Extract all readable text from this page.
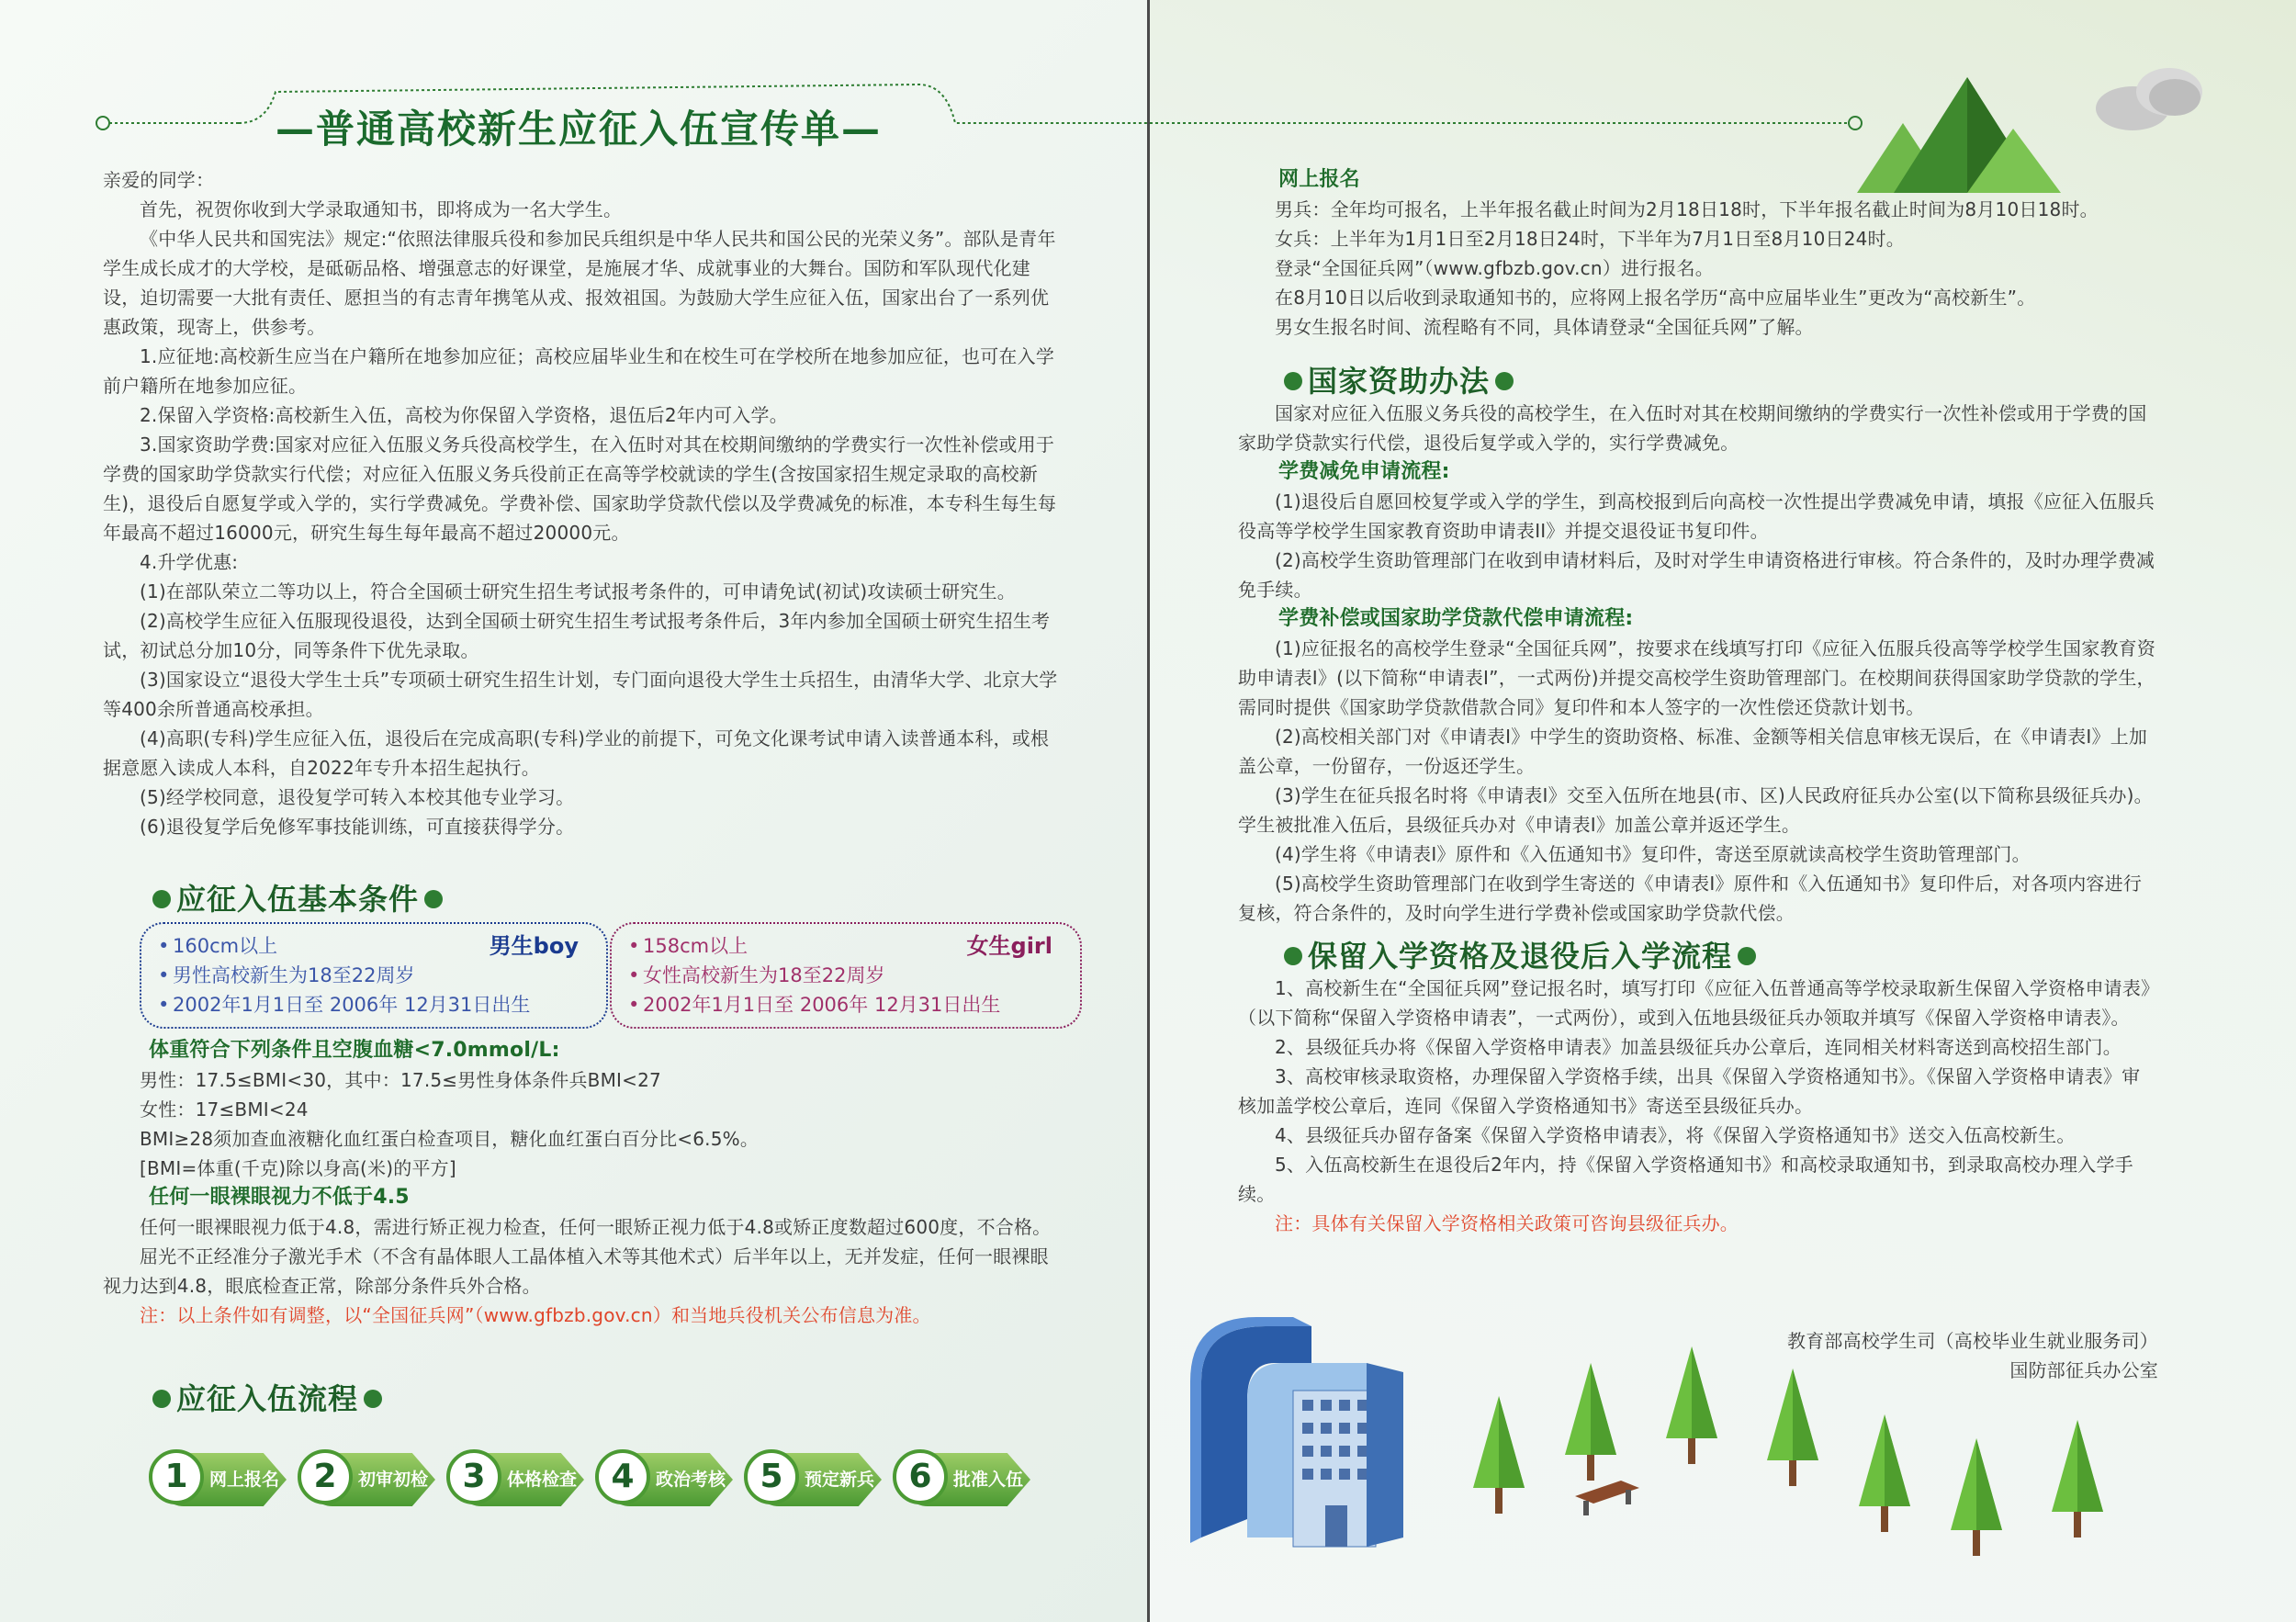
—普通高校新生应征入伍宣传单—

亲爱的同学：

首先，祝贺你收到大学录取通知书，即将成为一名大学生。

《中华人民共和国宪法》规定:“依照法律服兵役和参加民兵组织是中华人民共和国公民的光荣义务”。部队是青年学生成长成才的大学校，是砥砺品格、增强意志的好课堂，是施展才华、成就事业的大舞台。国防和军队现代化建设，迫切需要一大批有责任、愿担当的有志青年携笔从戎、报效祖国。为鼓励大学生应征入伍，国家出台了一系列优惠政策，现寄上，供参考。

1.应征地:高校新生应当在户籍所在地参加应征；高校应届毕业生和在校生可在学校所在地参加应征，也可在入学前户籍所在地参加应征。

2.保留入学资格:高校新生入伍，高校为你保留入学资格，退伍后2年内可入学。

3.国家资助学费:国家对应征入伍服义务兵役高校学生，在入伍时对其在校期间缴纳的学费实行一次性补偿或用于学费的国家助学贷款实行代偿；对应征入伍服义务兵役前正在高等学校就读的学生(含按国家招生规定录取的高校新生)，退役后自愿复学或入学的，实行学费减免。学费补偿、国家助学贷款代偿以及学费减免的标准，本专科生每生每年最高不超过16000元，研究生每生每年最高不超过20000元。

4.升学优惠:

(1)在部队荣立二等功以上，符合全国硕士研究生招生考试报考条件的，可申请免试(初试)攻读硕士研究生。

(2)高校学生应征入伍服现役退役，达到全国硕士研究生招生考试报考条件后，3年内参加全国硕士研究生招生考试，初试总分加10分，同等条件下优先录取。

(3)国家设立“退役大学生士兵”专项硕士研究生招生计划，专门面向退役大学生士兵招生，由清华大学、北京大学等400余所普通高校承担。

(4)高职(专科)学生应征入伍，退役后在完成高职(专科)学业的前提下，可免文化课考试申请入读普通本科，或根据意愿入读成人本科，自2022年专升本招生起执行。

(5)经学校同意，退役复学可转入本校其他专业学习。

(6)退役复学后免修军事技能训练，可直接获得学分。

应征入伍基本条件
男生boy
• 160cm以上
• 男性高校新生为18至22周岁
• 2002年1月1日至 2006年 12月31日出生
女生girl
• 158cm以上
• 女性高校新生为18至22周岁
• 2002年1月1日至 2006年 12月31日出生

体重符合下列条件且空腹血糖<7.0mmol/L:

男性：17.5≤BMI<30，其中：17.5≤男性身体条件兵BMI<27

女性：17≤BMI<24

BMI≥28须加查血液糖化血红蛋白检查项目，糖化血红蛋白百分比<6.5%。

[BMI=体重(千克)除以身高(米)的平方]

任何一眼裸眼视力不低于4.5

任何一眼裸眼视力低于4.8，需进行矫正视力检查，任何一眼矫正视力低于4.8或矫正度数超过600度，不合格。

屈光不正经准分子激光手术（不含有晶体眼人工晶体植入术等其他术式）后半年以上，无并发症，任何一眼裸眼视力达到4.8，眼底检查正常，除部分条件兵外合格。

注：以上条件如有调整，以“全国征兵网”（www.gfbzb.gov.cn）和当地兵役机关公布信息为准。

应征入伍流程
1	网上报名	2	初审初检	3	体格检查	4	政治考核	5	预定新兵	6	批准入伍

网上报名

男兵：全年均可报名，上半年报名截止时间为2月18日18时，下半年报名截止时间为8月10日18时。

女兵：上半年为1月1日至2月18日24时，下半年为7月1日至8月10日24时。

登录“全国征兵网”（www.gfbzb.gov.cn）进行报名。

在8月10日以后收到录取通知书的，应将网上报名学历“高中应届毕业生”更改为“高校新生”。

男女生报名时间、流程略有不同，具体请登录“全国征兵网”了解。

国家资助办法

国家对应征入伍服义务兵役的高校学生，在入伍时对其在校期间缴纳的学费实行一次性补偿或用于学费的国家助学贷款实行代偿，退役后复学或入学的，实行学费减免。

学费减免申请流程:

(1)退役后自愿回校复学或入学的学生，到高校报到后向高校一次性提出学费减免申请，填报《应征入伍服兵役高等学校学生国家教育资助申请表II》并提交退役证书复印件。

(2)高校学生资助管理部门在收到申请材料后，及时对学生申请资格进行审核。符合条件的，及时办理学费减免手续。

学费补偿或国家助学贷款代偿申请流程:

(1)应征报名的高校学生登录“全国征兵网”，按要求在线填写打印《应征入伍服兵役高等学校学生国家教育资助申请表I》(以下简称“申请表I”，一式两份)并提交高校学生资助管理部门。在校期间获得国家助学贷款的学生，需同时提供《国家助学贷款借款合同》复印件和本人签字的一次性偿还贷款计划书。

(2)高校相关部门对《申请表I》中学生的资助资格、标准、金额等相关信息审核无误后，在《申请表I》上加盖公章，一份留存，一份返还学生。

(3)学生在征兵报名时将《申请表I》交至入伍所在地县(市、区)人民政府征兵办公室(以下简称县级征兵办)。学生被批准入伍后，县级征兵办对《申请表I》加盖公章并返还学生。

(4)学生将《申请表I》原件和《入伍通知书》复印件，寄送至原就读高校学生资助管理部门。

(5)高校学生资助管理部门在收到学生寄送的《申请表I》原件和《入伍通知书》复印件后，对各项内容进行复核，符合条件的，及时向学生进行学费补偿或国家助学贷款代偿。

保留入学资格及退役后入学流程

1、高校新生在“全国征兵网”登记报名时，填写打印《应征入伍普通高等学校录取新生保留入学资格申请表》（以下简称“保留入学资格申请表”，一式两份），或到入伍地县级征兵办领取并填写《保留入学资格申请表》。

2、县级征兵办将《保留入学资格申请表》加盖县级征兵办公章后，连同相关材料寄送到高校招生部门。

3、高校审核录取资格，办理保留入学资格手续，出具《保留入学资格通知书》。《保留入学资格申请表》审核加盖学校公章后，连同《保留入学资格通知书》寄送至县级征兵办。

4、县级征兵办留存备案《保留入学资格申请表》，将《保留入学资格通知书》送交入伍高校新生。

5、入伍高校新生在退役后2年内，持《保留入学资格通知书》和高校录取通知书，到录取高校办理入学手续。

注：具体有关保留入学资格相关政策可咨询县级征兵办。

教育部高校学生司（高校毕业生就业服务司）
国防部征兵办公室
